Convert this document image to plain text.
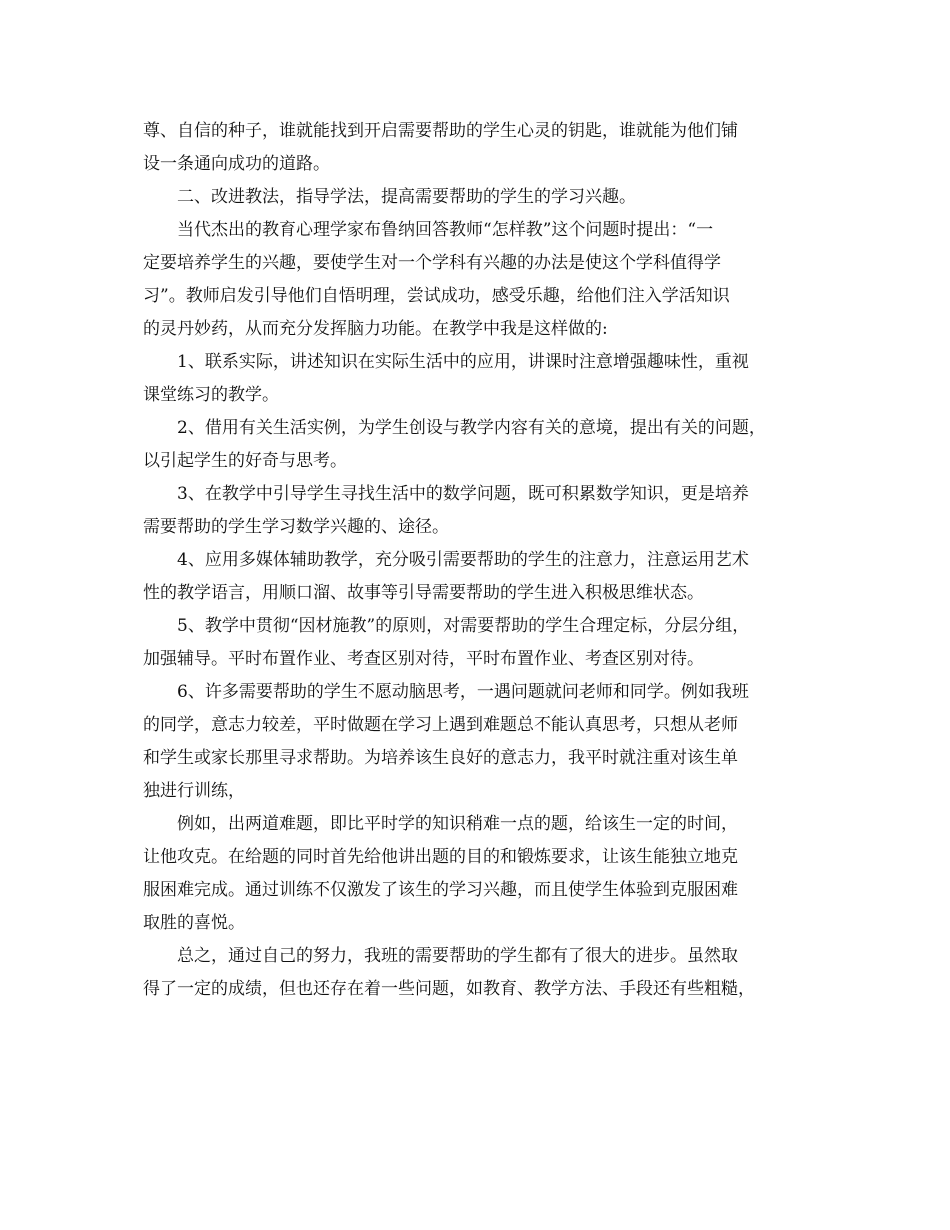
尊、自信的种子，谁就能找到开启需要帮助的学生心灵的钥匙，谁就能为他们铺
设一条通向成功的道路。
二、改进教法，指导学法，提高需要帮助的学生的学习兴趣。
当代杰出的教育心理学家布鲁纳回答教师“怎样教”这个问题时提出：“一
定要培养学生的兴趣，要使学生对一个学科有兴趣的办法是使这个学科值得学
习”。教师启发引导他们自悟明理，尝试成功，感受乐趣，给他们注入学活知识
的灵丹妙药，从而充分发挥脑力功能。在教学中我是这样做的:
1、联系实际，讲述知识在实际生活中的应用，讲课时注意增强趣味性，重视
课堂练习的教学。
2、借用有关生活实例，为学生创设与教学内容有关的意境，提出有关的问题，
以引起学生的好奇与思考。
3、在教学中引导学生寻找生活中的数学问题，既可积累数学知识，更是培养
需要帮助的学生学习数学兴趣的、途径。
4、应用多媒体辅助教学，充分吸引需要帮助的学生的注意力，注意运用艺术
性的教学语言，用顺口溜、故事等引导需要帮助的学生进入积极思维状态。
5、教学中贯彻“因材施教”的原则，对需要帮助的学生合理定标，分层分组，
加强辅导。平时布置作业、考查区别对待，平时布置作业、考查区别对待。
6、许多需要帮助的学生不愿动脑思考，一遇问题就问老师和同学。例如我班
的同学，意志力较差，平时做题在学习上遇到难题总不能认真思考，只想从老师
和学生或家长那里寻求帮助。为培养该生良好的意志力，我平时就注重对该生单
独进行训练，
例如，出两道难题，即比平时学的知识稍难一点的题，给该生一定的时间，
让他攻克。在给题的同时首先给他讲出题的目的和锻炼要求，让该生能独立地克
服困难完成。通过训练不仅激发了该生的学习兴趣，而且使学生体验到克服困难
取胜的喜悦。
总之，通过自己的努力，我班的需要帮助的学生都有了很大的进步。虽然取
得了一定的成绩，但也还存在着一些问题，如教育、教学方法、手段还有些粗糙，
